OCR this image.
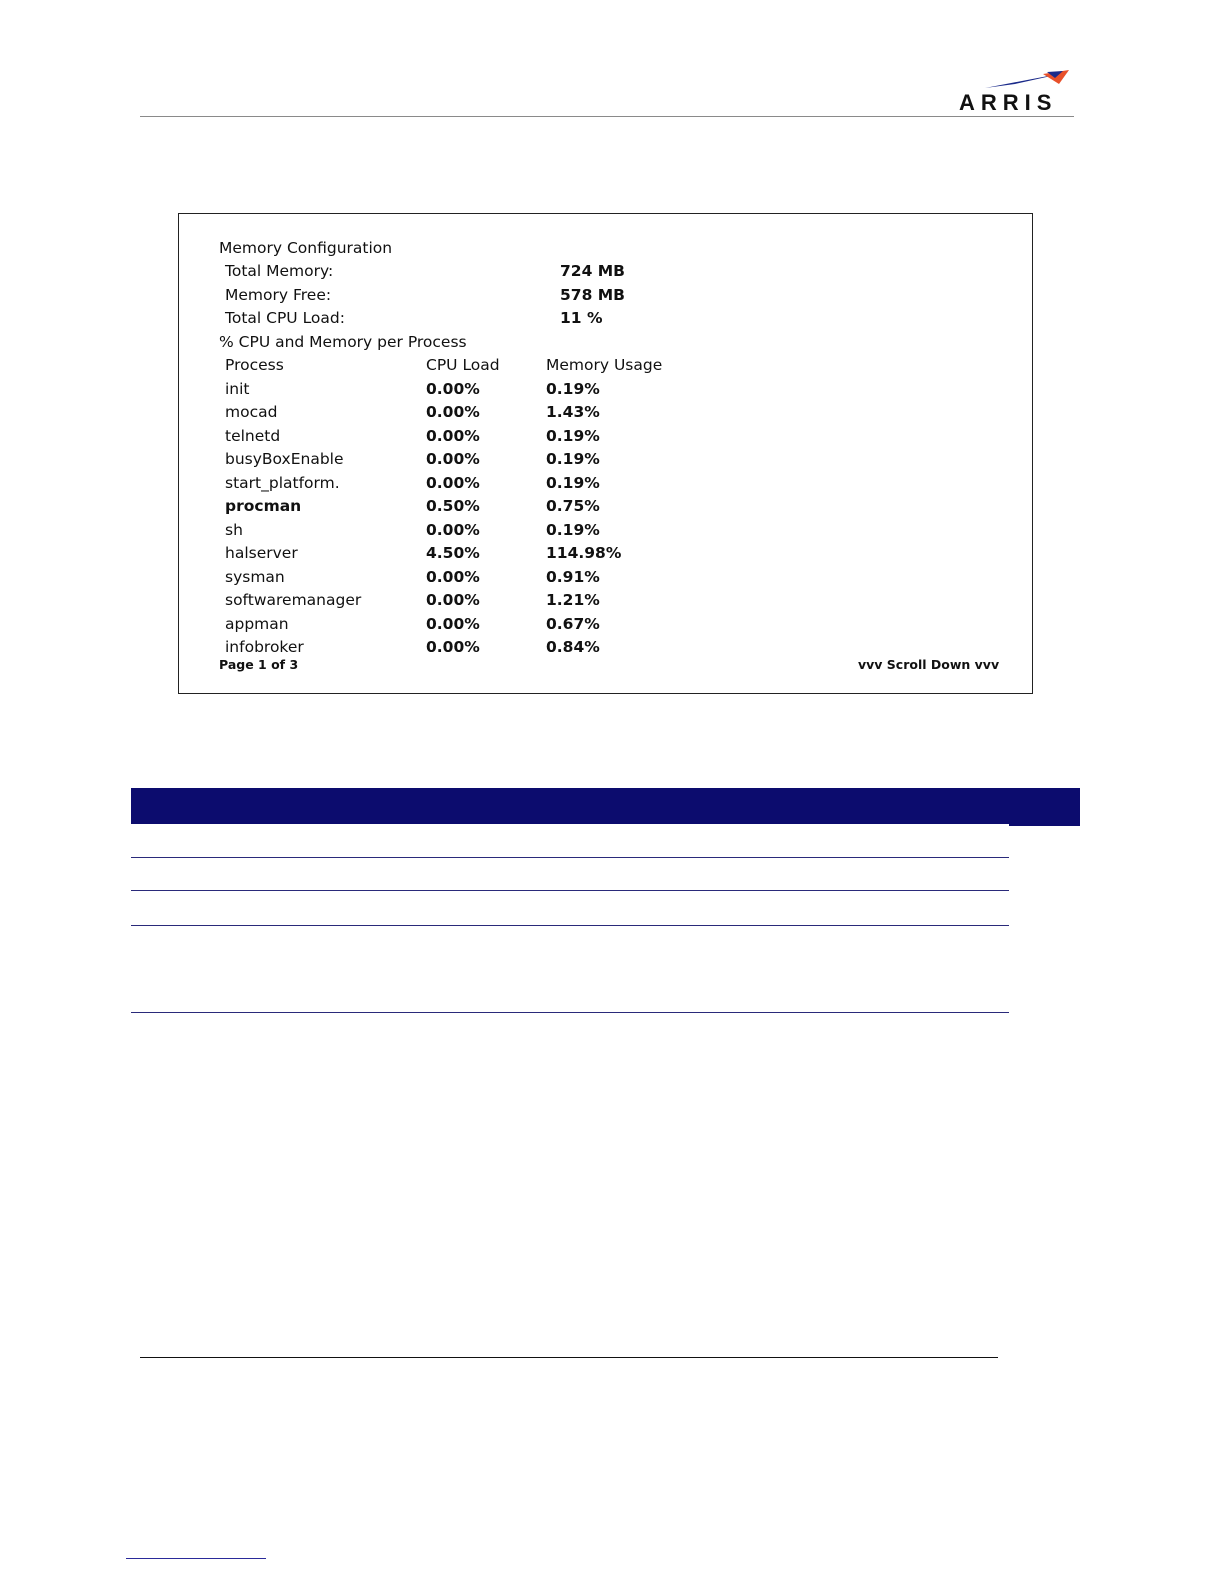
ARRIS
Memory Configuration
Total Memory:	724 MB
Memory Free:	578 MB
Total CPU Load:	11 %
% CPU and Memory per Process
Process	CPU Load	Memory Usage
init	0.00%	0.19%
mocad	0.00%	1.43%
telnetd	0.00%	0.19%
busyBoxEnable	0.00%	0.19%
start_platform.	0.00%	0.19%
procman	0.50%	0.75%
sh	0.00%	0.19%
halserver	4.50%	114.98%
sysman	0.00%	0.91%
softwaremanager	0.00%	1.21%
appman	0.00%	0.67%
infobroker	0.00%	0.84%
Page 1 of 3	vvv Scroll Down vvv
